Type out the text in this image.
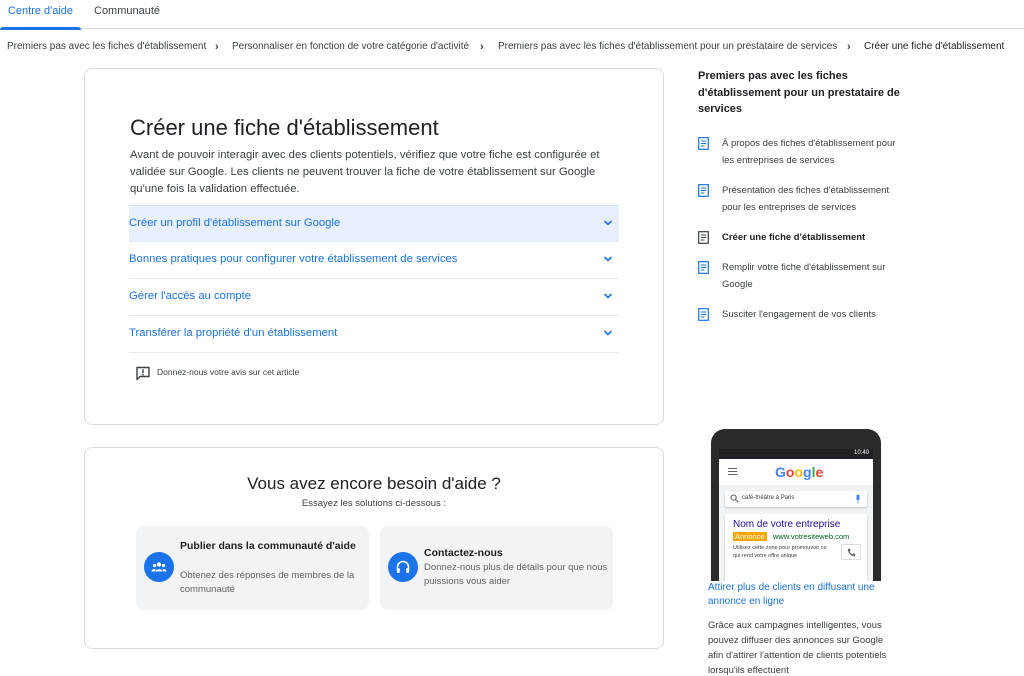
Centre d'aide	Communauté
Premiers pas avec les fiches d'établissement › Personnaliser en fonction de votre catégorie d'activité › Premiers pas avec les fiches d'établissement pour un prestataire de services › Créer une fiche d'établissement
Créer une fiche d'établissement

Avant de pouvoir interagir avec des clients potentiels, vérifiez que votre fiche est configurée et validée sur Google. Les clients ne peuvent trouver la fiche de votre établissement sur Google qu'une fois la validation effectuée.

Créer un profil d'établissement sur Google
Bonnes pratiques pour configurer votre établissement de services
Gérer l'accès au compte
Transférer la propriété d'un établissement
Donnez-nous votre avis sur cet article
Vous avez encore besoin d'aide ?
Essayez les solutions ci-dessous :
Publier dans la communauté d'aide
Obtenez des réponses de membres de la communauté
Contactez-nous
Donnez-nous plus de détails pour que nous puissions vous aider
Premiers pas avec les fiches d'établissement pour un prestataire de services
À propos des fiches d'établissement pour les entreprises de services
Présentation des fiches d'établissement pour les entreprises de services
Créer une fiche d'établissement
Remplir votre fiche d'établissement sur Google
Susciter l'engagement de vos clients
10:40
Google
café-théâtre à Paris
Nom de votre entreprise
Annonce www.votresiteweb.com
Utilisez cette zone pour promouvoir ce qui rend votre offre unique
Attirer plus de clients en diffusant une annonce en ligne
Grâce aux campagnes intelligentes, vous pouvez diffuser des annonces sur Google afin d'attirer l'attention de clients potentiels lorsqu'ils effectuent
